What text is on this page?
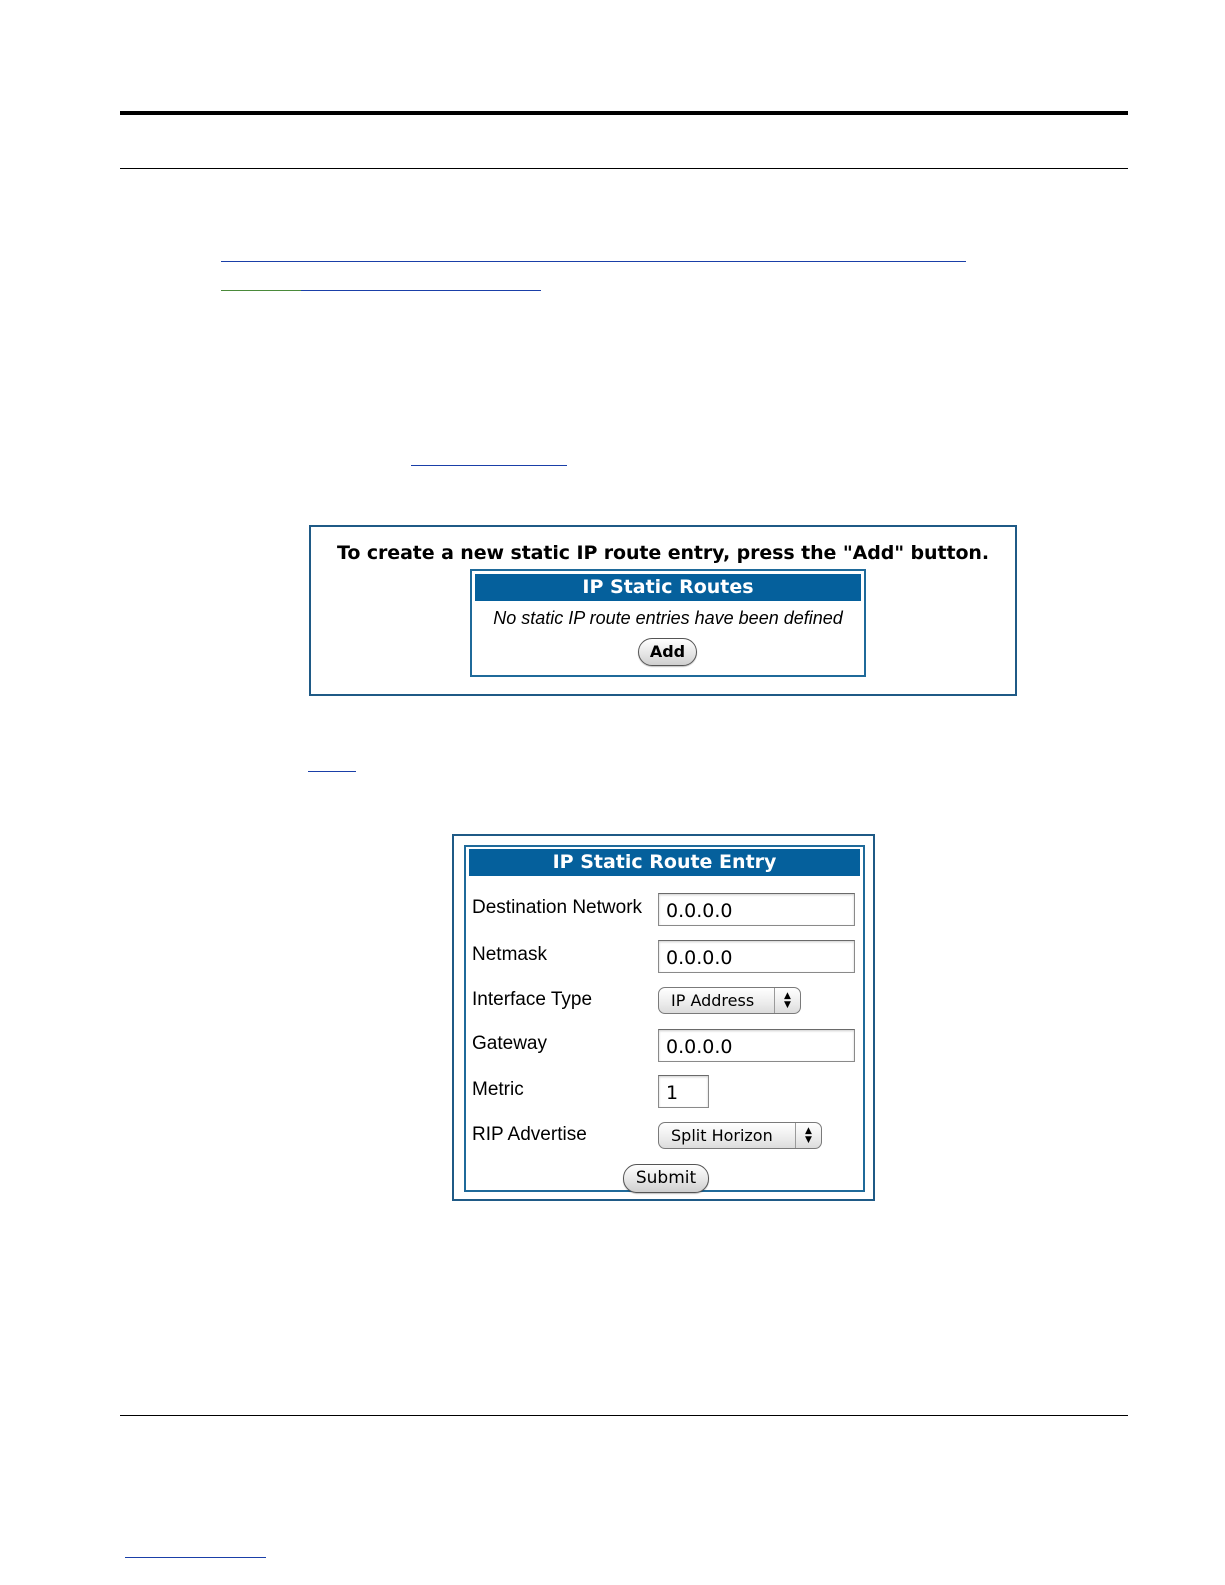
To create a new static IP route entry, press the "Add" button.
IP Static Routes
No static IP route entries have been defined
Add
IP Static Route Entry
Destination Network	0.0.0.0
Netmask	0.0.0.0
Interface Type	IP Address	▲
▼
Gateway	0.0.0.0
Metric	1
RIP Advertise	Split Horizon	▲
▼
Submit
